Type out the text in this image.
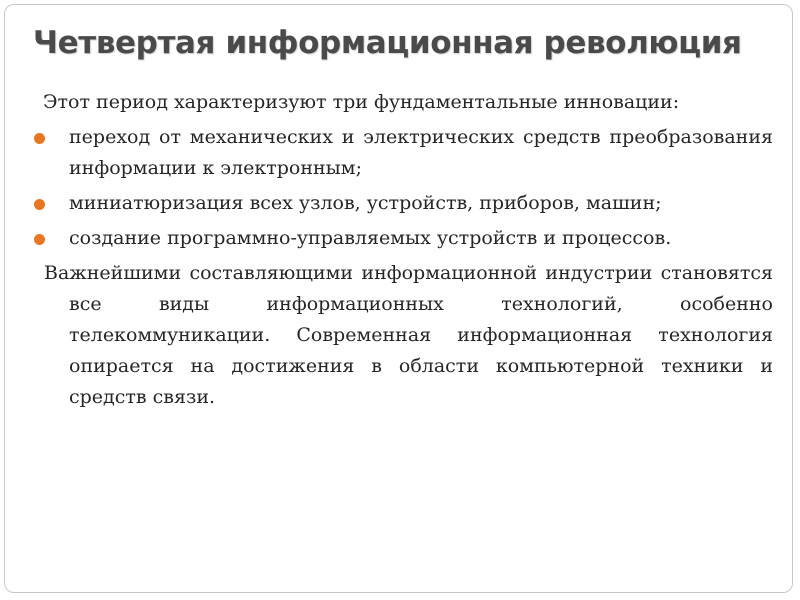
Четвертая информационная революция

Этот период характеризуют три фундаментальные инновации:

переход от механических и электрических средств преобразования информации к электронным;
миниатюризация всех узлов, устройств, приборов, машин;
создание программно-управляемых устройств и процессов.

Важнейшими составляющими информационной индустрии становятся все виды информационных технологий, особенно телекоммуникации. Современная информационная технология опирается на достижения в области компьютерной техники и средств связи.
